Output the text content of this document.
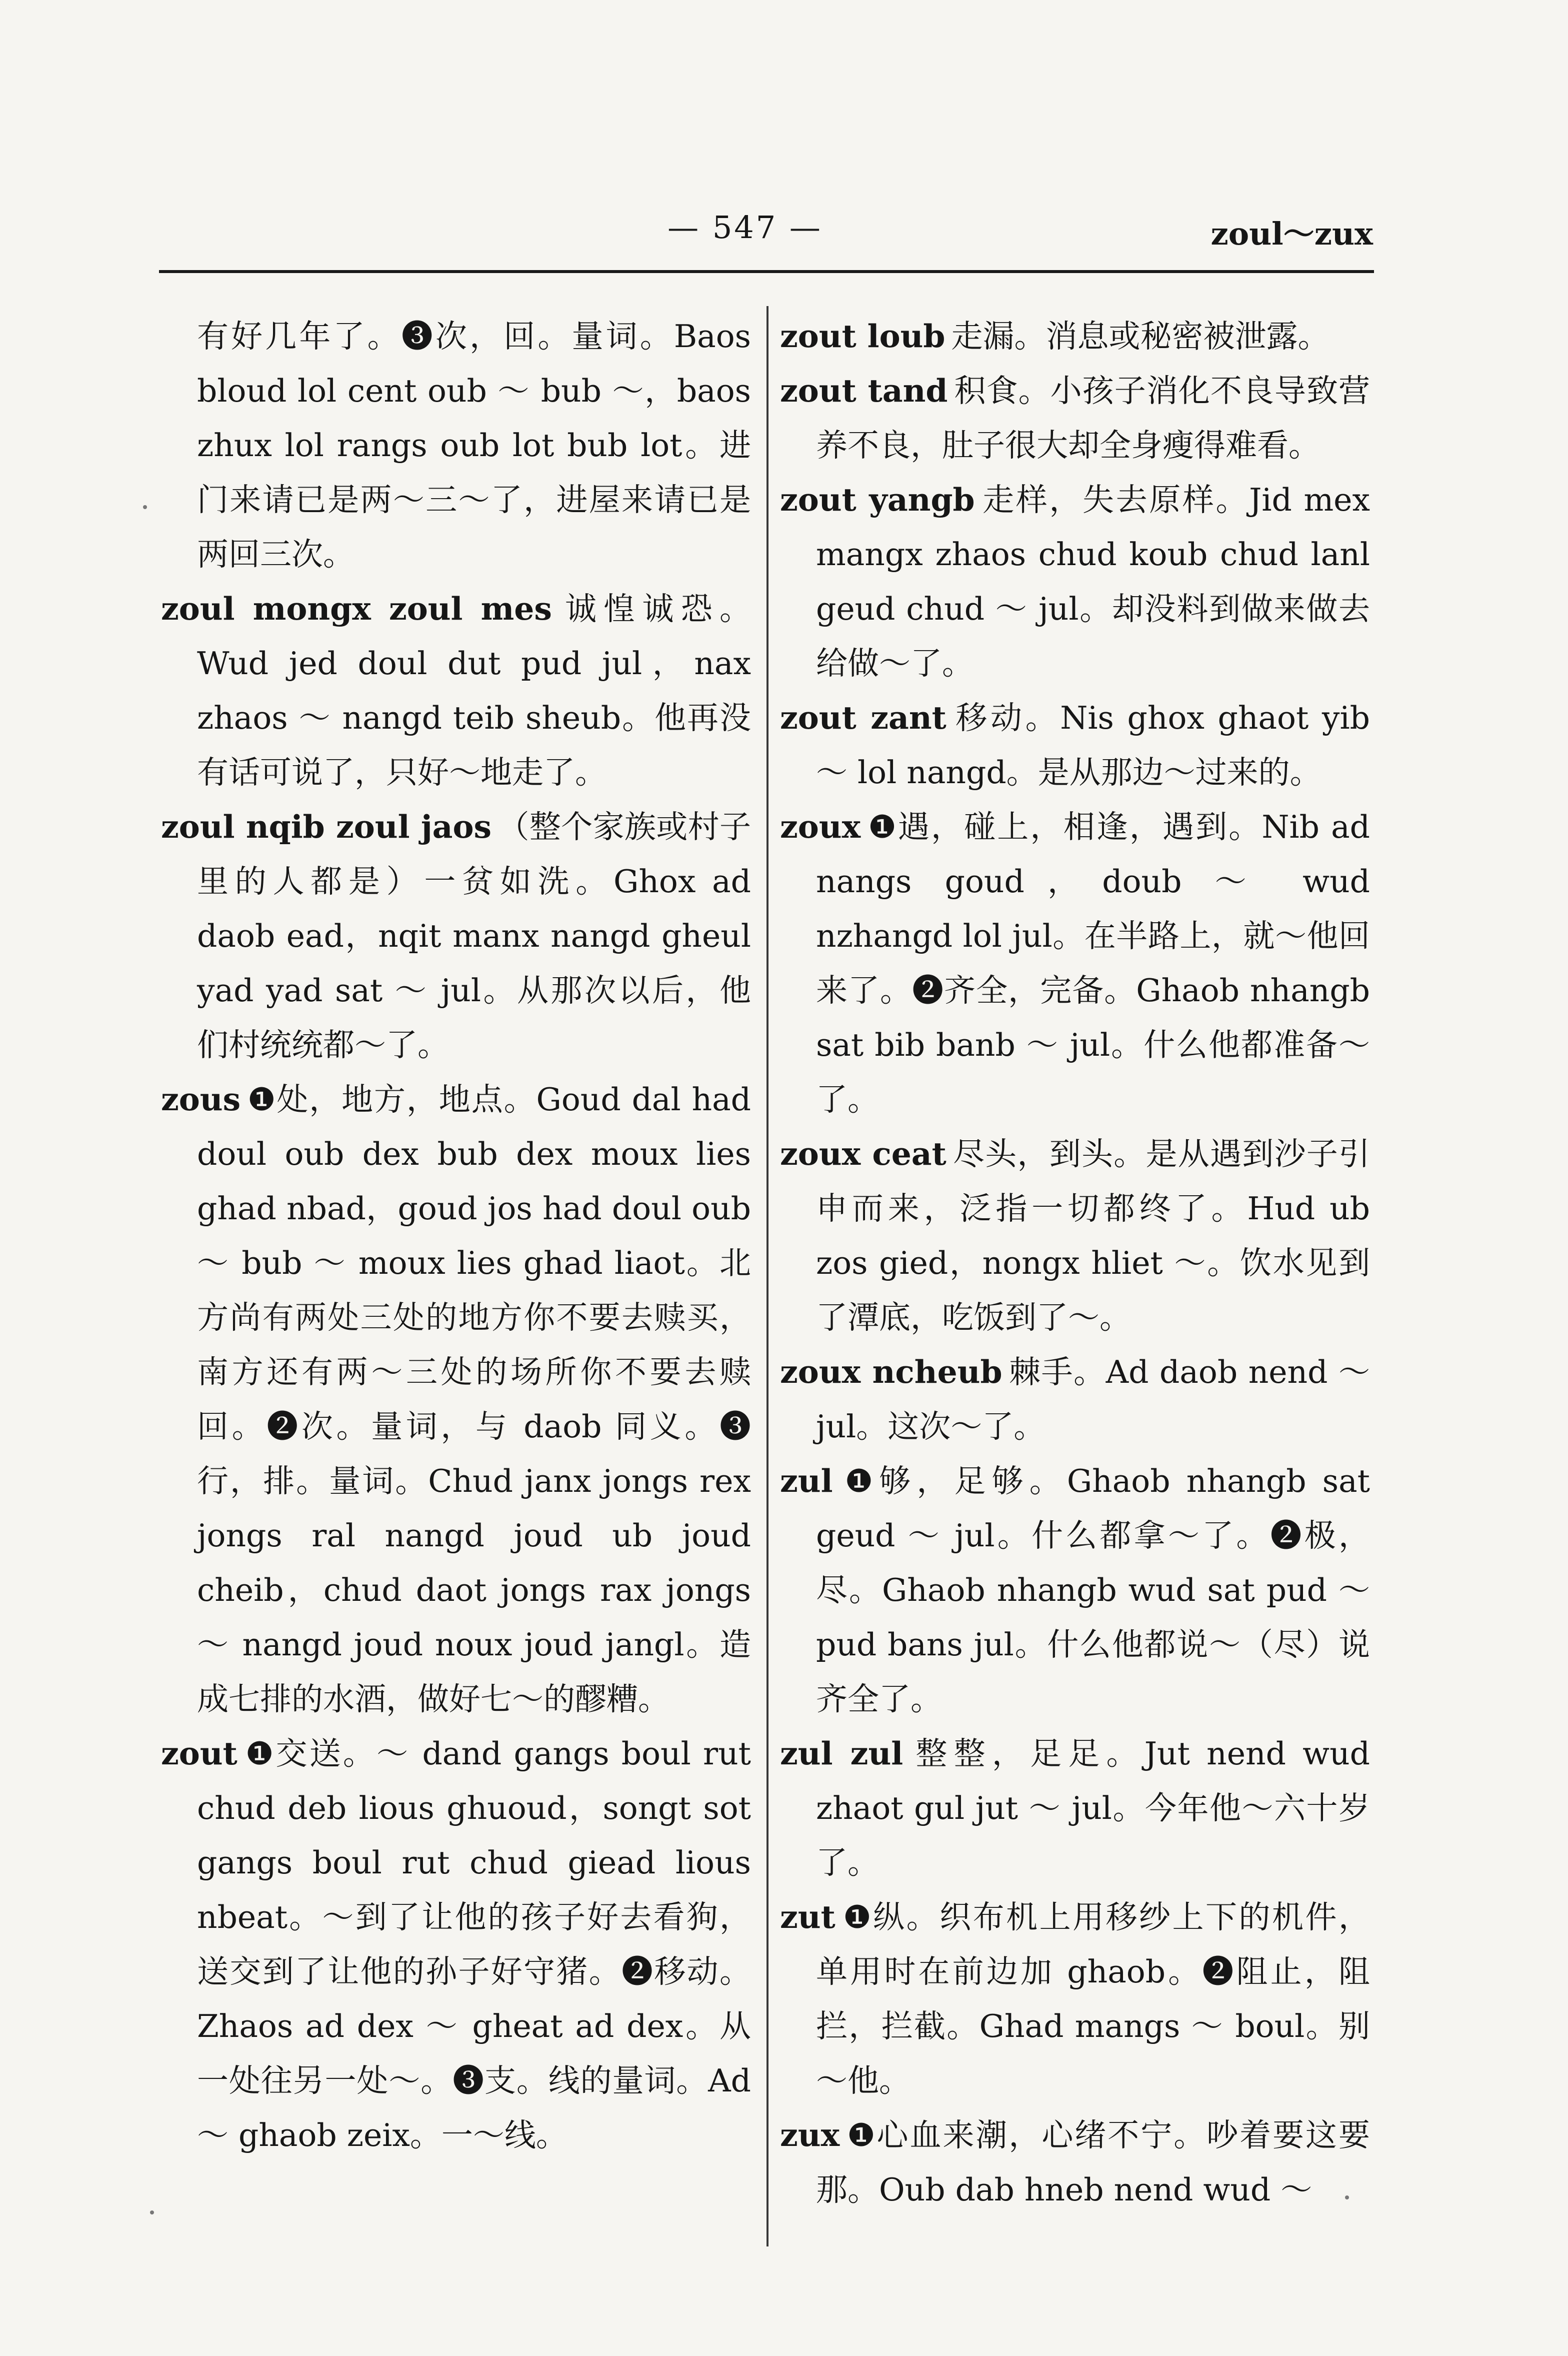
— 547 —	zoul～zux

有好几年了。❸次，回。量词。Baos bloud lol cent oub ～ bub ～，baos zhux lol rangs oub lot bub lot。进门来请已是两～三～了，进屋来请已是两回三次。

zoul mongx zoul mes 诚惶诚恐。Wud jed doul dut pud jul，nax zhaos ～ nangd teib sheub。他再没有话可说了，只好～地走了。

zoul nqib zoul jaos （整个家族或村子里的人都是）一贫如洗。Ghox ad daob ead，nqit manx nangd gheul yad yad sat ～ jul。从那次以后，他们村统统都～了。

zous ❶处，地方，地点。Goud dal had doul oub dex bub dex moux lies ghad nbad，goud jos had doul oub ～ bub ～ moux lies ghad liaot。北方尚有两处三处的地方你不要去赎买，南方还有两～三处的场所你不要去赎回。❷次。量词，与 daob 同义。❸行，排。量词。Chud janx jongs rex jongs ral nangd joud ub joud cheib，chud daot jongs rax jongs ～ nangd joud noux joud jangl。造成七排的水酒，做好七～的醪糟。

zout ❶交送。～ dand gangs boul rut chud deb lious ghuoud，songt sot gangs boul rut chud giead lious nbeat。～到了让他的孩子好去看狗，送交到了让他的孙子好守猪。❷移动。Zhaos ad dex ～ gheat ad dex。从一处往另一处～。❸支。线的量词。Ad ～ ghaob zeix。一～线。

zout loub 走漏。消息或秘密被泄露。

zout tand 积食。小孩子消化不良导致营养不良，肚子很大却全身瘦得难看。

zout yangb 走样，失去原样。Jid mex mangx zhaos chud koub chud lanl geud chud ～ jul。却没料到做来做去给做～了。

zout zant 移动。Nis ghox ghaot yib ～ lol nangd。是从那边～过来的。

zoux ❶遇，碰上，相逢，遇到。Nib ad nangs goud，doub ～ wud nzhangd lol jul。在半路上，就～他回来了。❷齐全，完备。Ghaob nhangb sat bib banb ～ jul。什么他都准备～了。

zoux ceat 尽头，到头。是从遇到沙子引申而来，泛指一切都终了。Hud ub zos gied，nongx hliet ～。饮水见到了潭底，吃饭到了～。

zoux ncheub 棘手。Ad daob nend ～ jul。这次～了。

zul ❶够，足够。Ghaob nhangb sat geud ～ jul。什么都拿～了。❷极，尽。Ghaob nhangb wud sat pud ～ pud bans jul。什么他都说～（尽）说齐全了。

zul zul 整整，足足。Jut nend wud zhaot gul jut ～ jul。今年他～六十岁了。

zut ❶纵。织布机上用移纱上下的机件，单用时在前边加 ghaob。❷阻止，阻拦，拦截。Ghad mangs ～ boul。别～他。

zux ❶心血来潮，心绪不宁。吵着要这要那。Oub dab hneb nend wud ～
